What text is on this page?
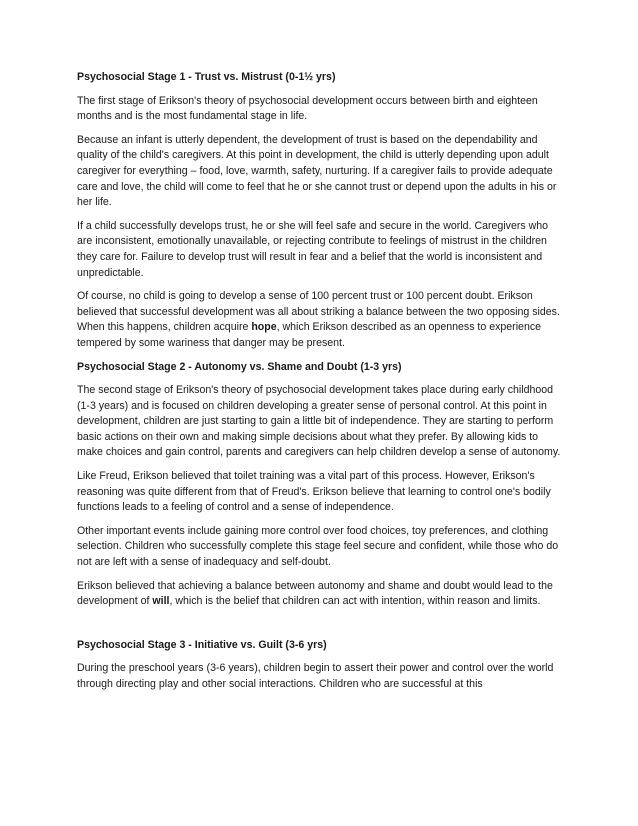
Psychosocial Stage 1 - Trust vs. Mistrust (0-1½ yrs)

The first stage of Erikson's theory of psychosocial development occurs between birth and eighteen months and is the most fundamental stage in life.

Because an infant is utterly dependent, the development of trust is based on the dependability and quality of the child's caregivers. At this point in development, the child is utterly depending upon adult caregiver for everything – food, love, warmth, safety, nurturing. If a caregiver fails to provide adequate care and love, the child will come to feel that he or she cannot trust or depend upon the adults in his or her life.

If a child successfully develops trust, he or she will feel safe and secure in the world. Caregivers who are inconsistent, emotionally unavailable, or rejecting contribute to feelings of mistrust in the children they care for. Failure to develop trust will result in fear and a belief that the world is inconsistent and unpredictable.

Of course, no child is going to develop a sense of 100 percent trust or 100 percent doubt. Erikson believed that successful development was all about striking a balance between the two opposing sides. When this happens, children acquire hope, which Erikson described as an openness to experience tempered by some wariness that danger may be present.

Psychosocial Stage 2 - Autonomy vs. Shame and Doubt (1-3 yrs)

The second stage of Erikson's theory of psychosocial development takes place during early childhood (1-3 years) and is focused on children developing a greater sense of personal control. At this point in development, children are just starting to gain a little bit of independence. They are starting to perform basic actions on their own and making simple decisions about what they prefer. By allowing kids to make choices and gain control, parents and caregivers can help children develop a sense of autonomy.

Like Freud, Erikson believed that toilet training was a vital part of this process. However, Erikson's reasoning was quite different from that of Freud's. Erikson believe that learning to control one's bodily functions leads to a feeling of control and a sense of independence.

Other important events include gaining more control over food choices, toy preferences, and clothing selection. Children who successfully complete this stage feel secure and confident, while those who do not are left with a sense of inadequacy and self-doubt.

Erikson believed that achieving a balance between autonomy and shame and doubt would lead to the development of will, which is the belief that children can act with intention, within reason and limits.

Psychosocial Stage 3 - Initiative vs. Guilt (3-6 yrs)

During the preschool years (3-6 years), children begin to assert their power and control over the world through directing play and other social interactions. Children who are successful at this
